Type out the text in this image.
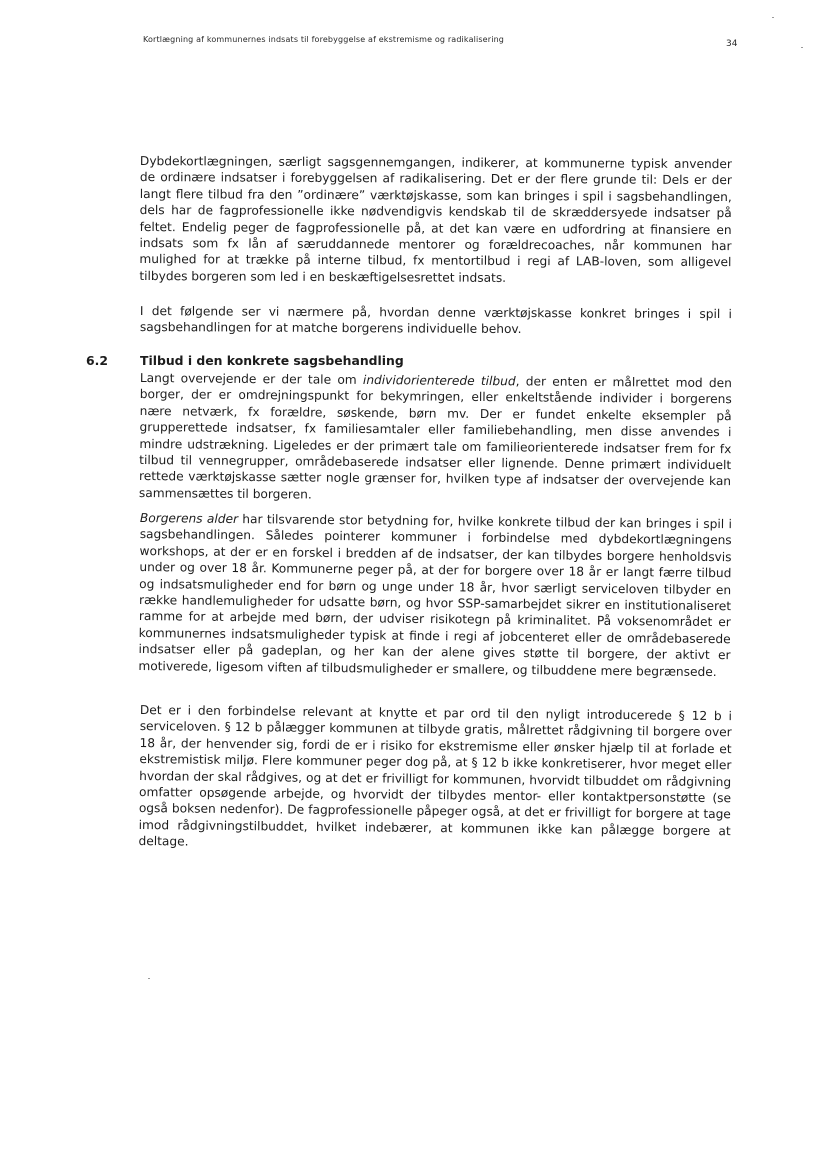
Kortlægning af kommunernes indsats til forebyggelse af ekstremisme og radikalisering	34

Dybdekortlægningen, særligt sagsgennemgangen, indikerer, at kommunerne typisk anvender de ordinære indsatser i forebyggelsen af radikalisering. Det er der flere grunde til: Dels er der langt flere tilbud fra den ”ordinære” værktøjskasse, som kan bringes i spil i sagsbehandlingen, dels har de fagprofessionelle ikke nødvendigvis kendskab til de skræddersyede indsatser på feltet. Endelig peger de fagprofessionelle på, at det kan være en udfordring at finansiere en indsats som fx lån af særuddannede mentorer og forældrecoaches, når kommunen har mulighed for at trække på interne tilbud, fx mentortilbud i regi af LAB-loven, som alligevel tilbydes borgeren som led i en beskæftigelsesrettet indsats.

I det følgende ser vi nærmere på, hvordan denne værktøjskasse konkret bringes i spil i sagsbehandlingen for at matche borgerens individuelle behov.

6.2	Tilbud i den konkrete sagsbehandling

Langt overvejende er der tale om individorienterede tilbud, der enten er målrettet mod den borger, der er omdrejningspunkt for bekymringen, eller enkeltstående individer i borgerens nære netværk, fx forældre, søskende, børn mv. Der er fundet enkelte eksempler på grupperettede indsatser, fx familiesamtaler eller familiebehandling, men disse anvendes i mindre udstrækning. Ligeledes er der primært tale om familieorienterede indsatser frem for fx tilbud til vennegrupper, områdebaserede indsatser eller lignende. Denne primært individuelt rettede værktøjskasse sætter nogle grænser for, hvilken type af indsatser der overvejende kan sammensættes til borgeren.

Borgerens alder har tilsvarende stor betydning for, hvilke konkrete tilbud der kan bringes i spil i sagsbehandlingen. Således pointerer kommuner i forbindelse med dybdekortlægningens workshops, at der er en forskel i bredden af de indsatser, der kan tilbydes borgere henholdsvis under og over 18 år. Kommunerne peger på, at der for borgere over 18 år er langt færre tilbud og indsatsmuligheder end for børn og unge under 18 år, hvor særligt serviceloven tilbyder en række handlemuligheder for udsatte børn, og hvor SSP-samarbejdet sikrer en institutionaliseret ramme for at arbejde med børn, der udviser risikotegn på kriminalitet. På voksenområdet er kommunernes indsatsmuligheder typisk at finde i regi af jobcenteret eller de områdebaserede indsatser eller på gadeplan, og her kan der alene gives støtte til borgere, der aktivt er motiverede, ligesom viften af tilbudsmuligheder er smallere, og tilbuddene mere begrænsede.

Det er i den forbindelse relevant at knytte et par ord til den nyligt introducerede § 12 b i serviceloven. § 12 b pålægger kommunen at tilbyde gratis, målrettet rådgivning til borgere over 18 år, der henvender sig, fordi de er i risiko for ekstremisme eller ønsker hjælp til at forlade et ekstremistisk miljø. Flere kommuner peger dog på, at § 12 b ikke konkretiserer, hvor meget eller hvordan der skal rådgives, og at det er frivilligt for kommunen, hvorvidt tilbuddet om rådgivning omfatter opsøgende arbejde, og hvorvidt der tilbydes mentor- eller kontaktpersonstøtte (se også boksen nedenfor). De fagprofessionelle påpeger også, at det er frivilligt for borgere at tage imod rådgivningstilbuddet, hvilket indebærer, at kommunen ikke kan pålægge borgere at deltage.
